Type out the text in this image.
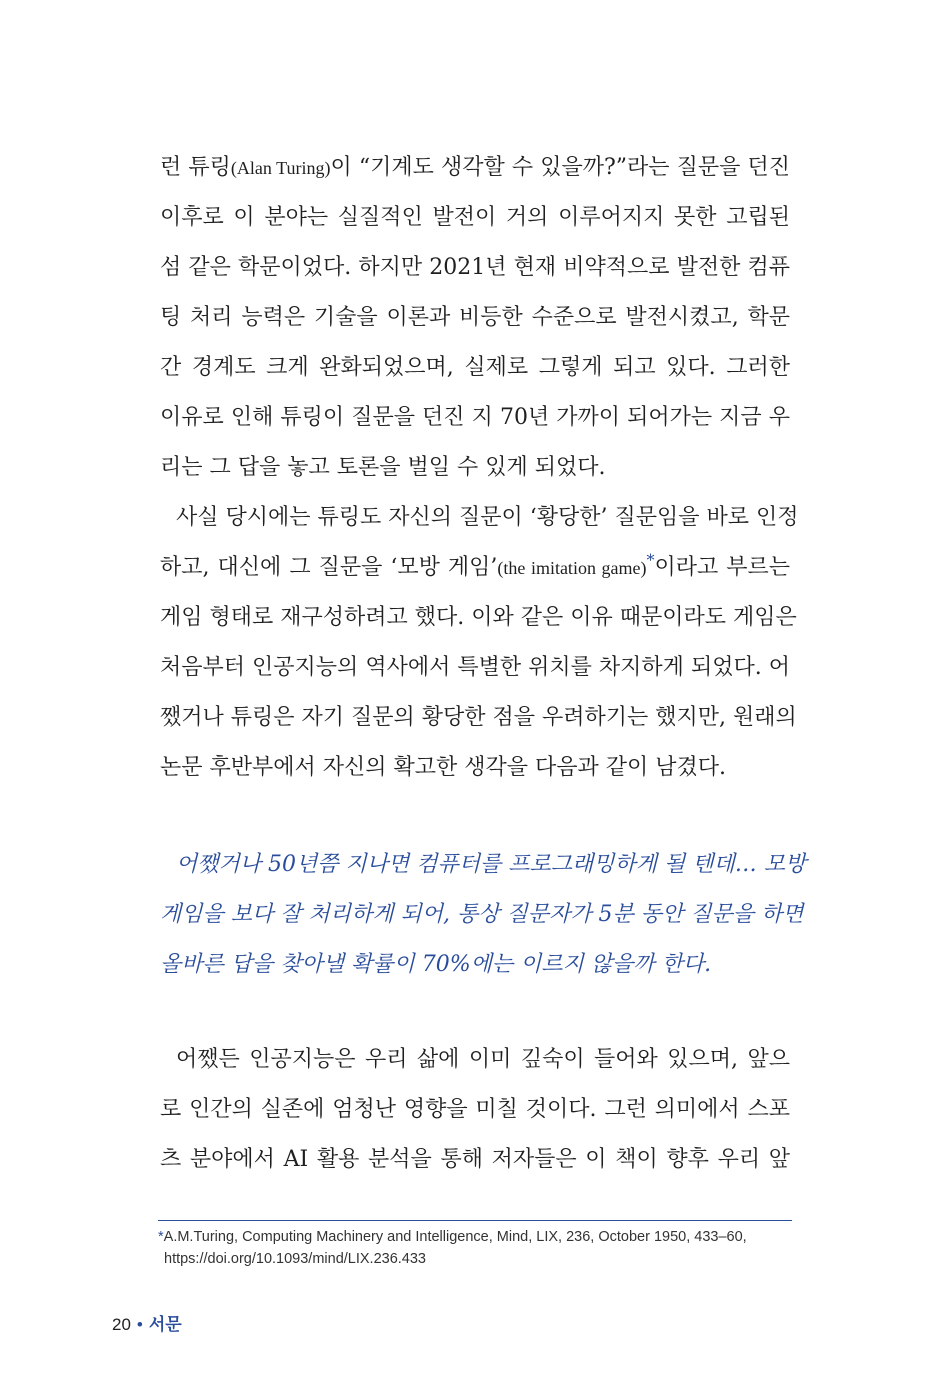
런 튜링(Alan Turing)이 “기계도 생각할 수 있을까?”라는 질문을 던진
이후로 이 분야는 실질적인 발전이 거의 이루어지지 못한 고립된
섬 같은 학문이었다. 하지만 2021년 현재 비약적으로 발전한 컴퓨
팅 처리 능력은 기술을 이론과 비등한 수준으로 발전시켰고, 학문
간 경계도 크게 완화되었으며, 실제로 그렇게 되고 있다. 그러한
이유로 인해 튜링이 질문을 던진 지 70년 가까이 되어가는 지금 우
리는 그 답을 놓고 토론을 벌일 수 있게 되었다.
사실 당시에는 튜링도 자신의 질문이 ‘황당한’ 질문임을 바로 인정
하고, 대신에 그 질문을 ‘모방 게임’(the imitation game)*이라고 부르는
게임 형태로 재구성하려고 했다. 이와 같은 이유 때문이라도 게임은
처음부터 인공지능의 역사에서 특별한 위치를 차지하게 되었다. 어
쨌거나 튜링은 자기 질문의 황당한 점을 우려하기는 했지만, 원래의
논문 후반부에서 자신의 확고한 생각을 다음과 같이 남겼다.
어쨌거나 50년쯤 지나면 컴퓨터를 프로그래밍하게 될 텐데… 모방
게임을 보다 잘 처리하게 되어, 통상 질문자가 5분 동안 질문을 하면
올바른 답을 찾아낼 확률이 70%에는 이르지 않을까 한다.
어쨌든 인공지능은 우리 삶에 이미 깊숙이 들어와 있으며, 앞으
로 인간의 실존에 엄청난 영향을 미칠 것이다. 그런 의미에서 스포
츠 분야에서 AI 활용 분석을 통해 저자들은 이 책이 향후 우리 앞
*A.M.Turing, Computing Machinery and Intelligence, Mind, LIX, 236, October 1950, 433–60,
https://doi.org/10.1093/mind/LIX.236.433
20 • 서문
